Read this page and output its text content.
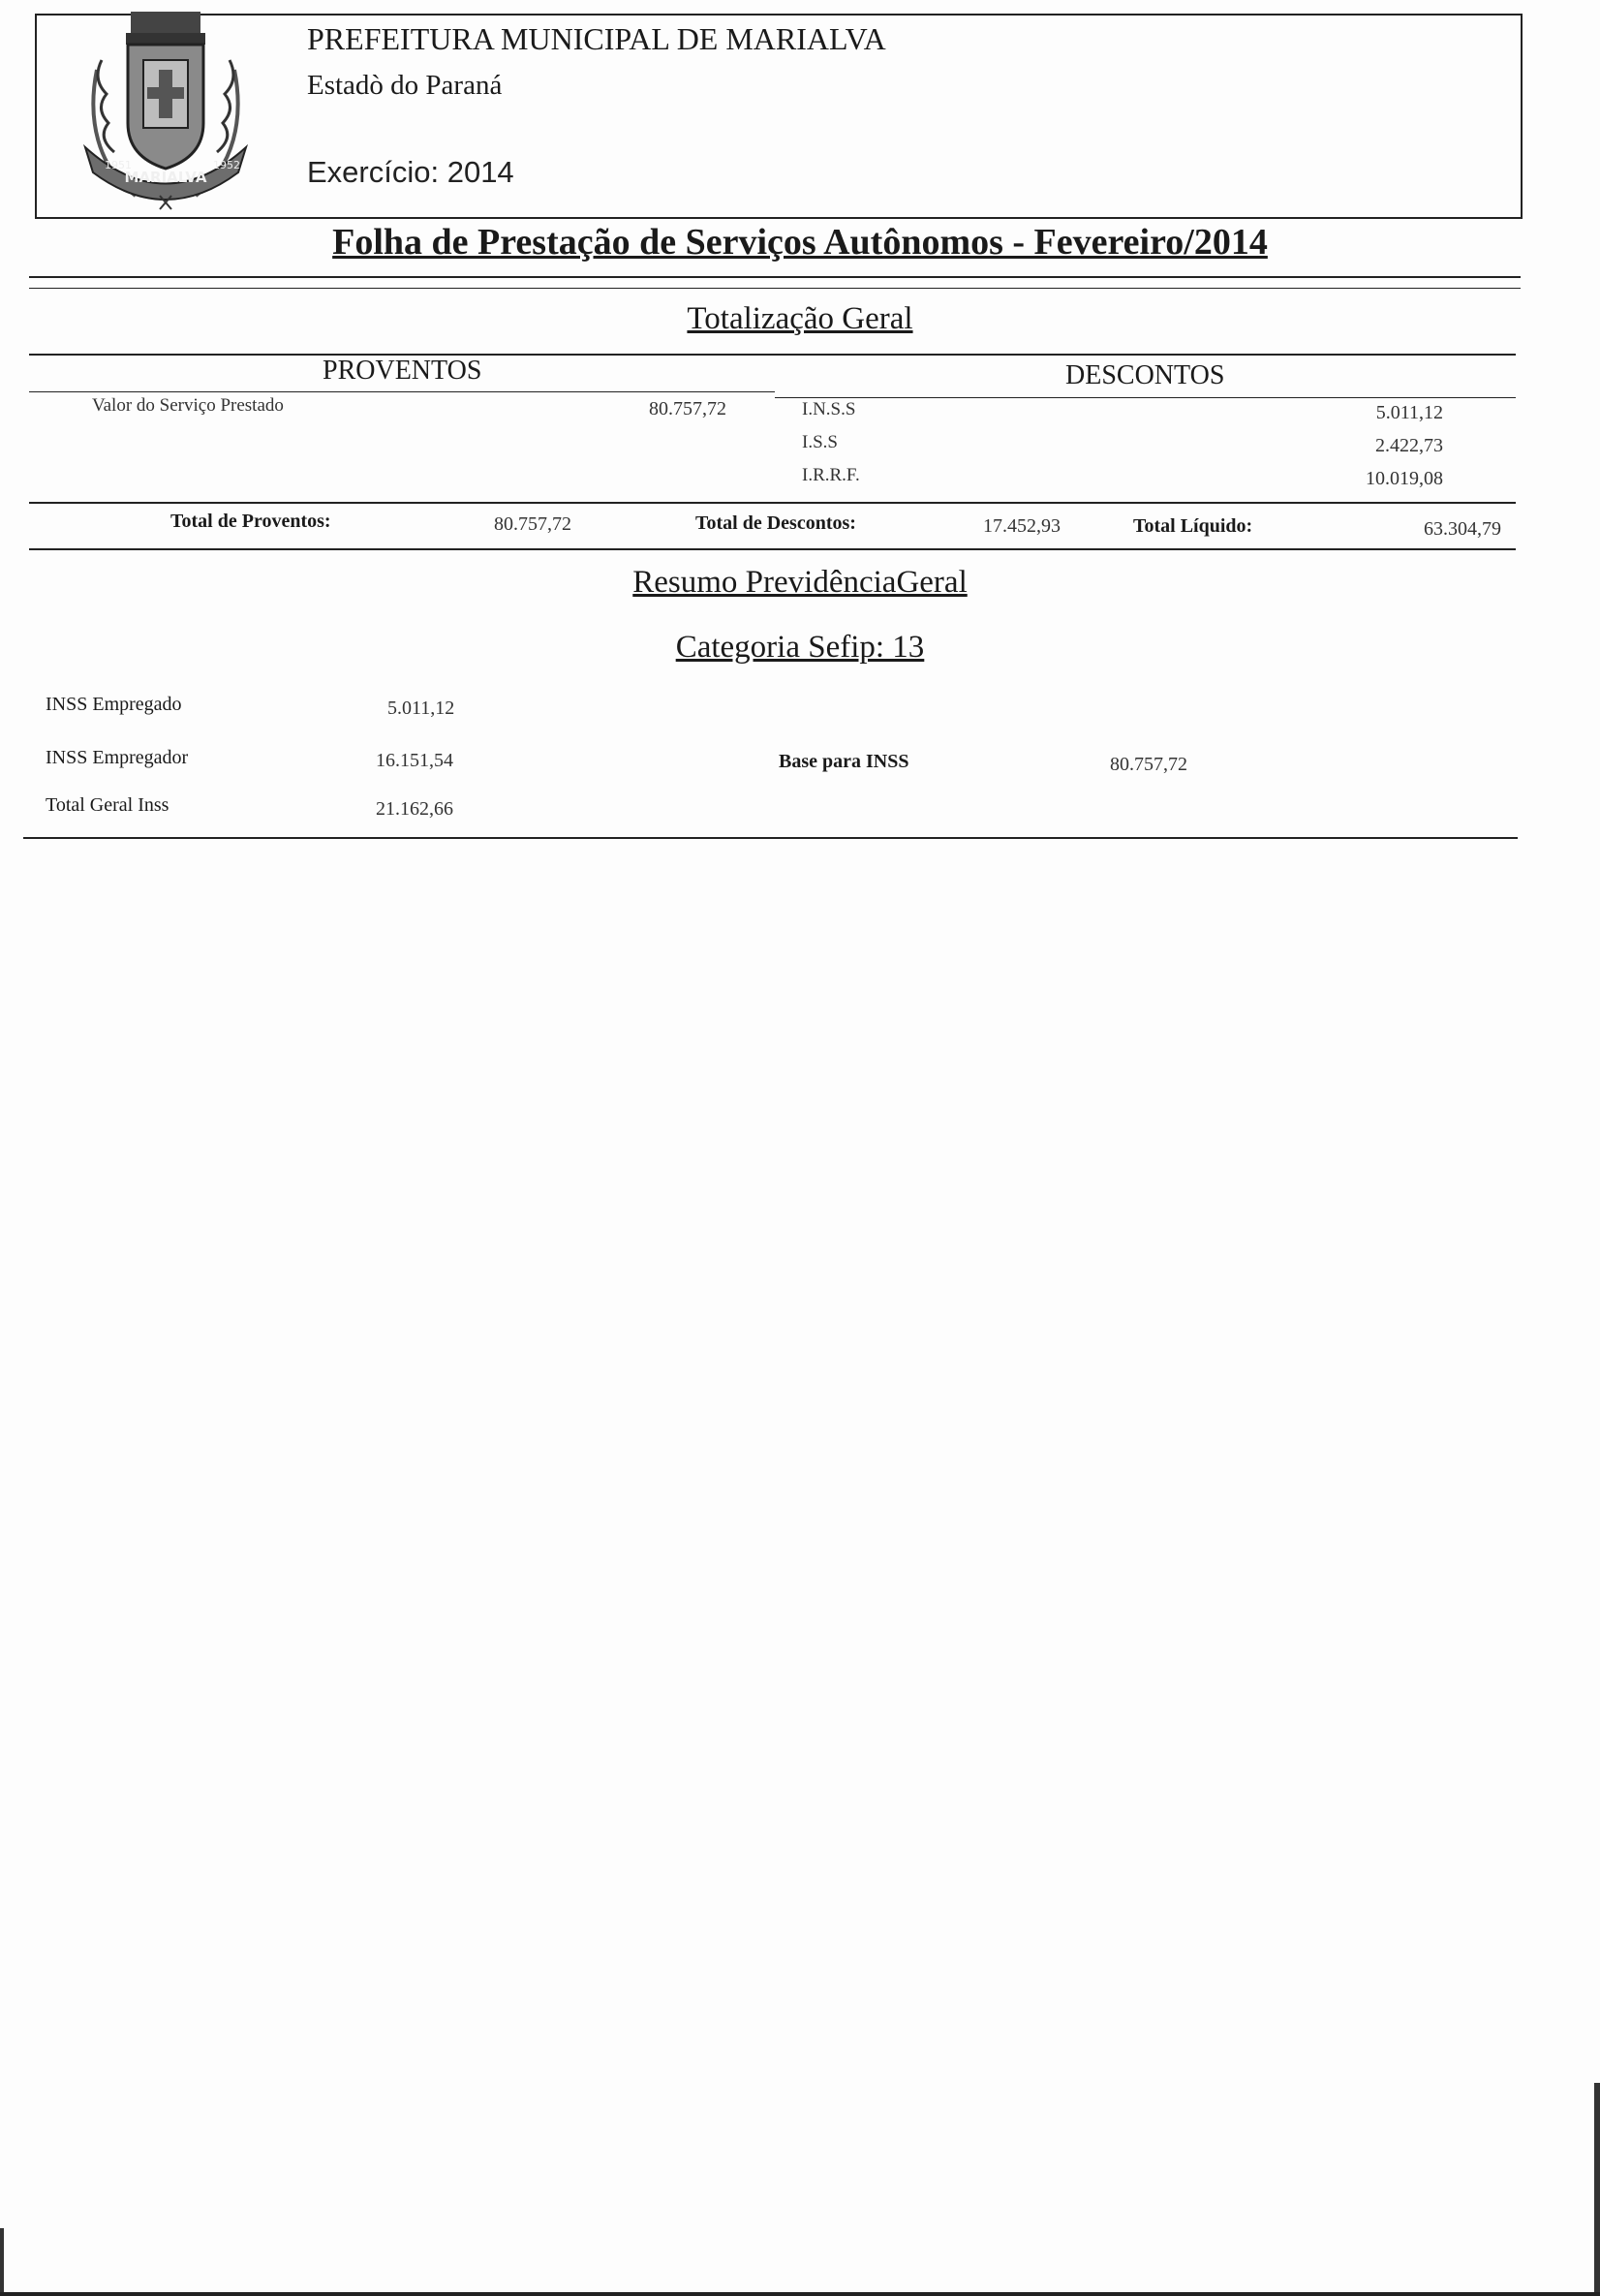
MARIALVA
1951	1952
PREFEITURA MUNICIPAL DE MARIALVA
Estadò do Paraná
Exercício: 2014
Folha de Prestação de Serviços Autônomos - Fevereiro/2014
Totalização Geral
PROVENTOS	DESCONTOS
Valor do Serviço Prestado	80.757,72	I.N.S.S	5.011,12
I.S.S	2.422,73
I.R.R.F.	10.019,08
Total de Proventos:	80.757,72	Total de Descontos:	17.452,93	Total Líquido:	63.304,79
Resumo PrevidênciaGeral
Categoria Sefip: 13
INSS Empregado	5.011,12
INSS Empregador	16.151,54	Base para INSS	80.757,72
Total Geral Inss	21.162,66
